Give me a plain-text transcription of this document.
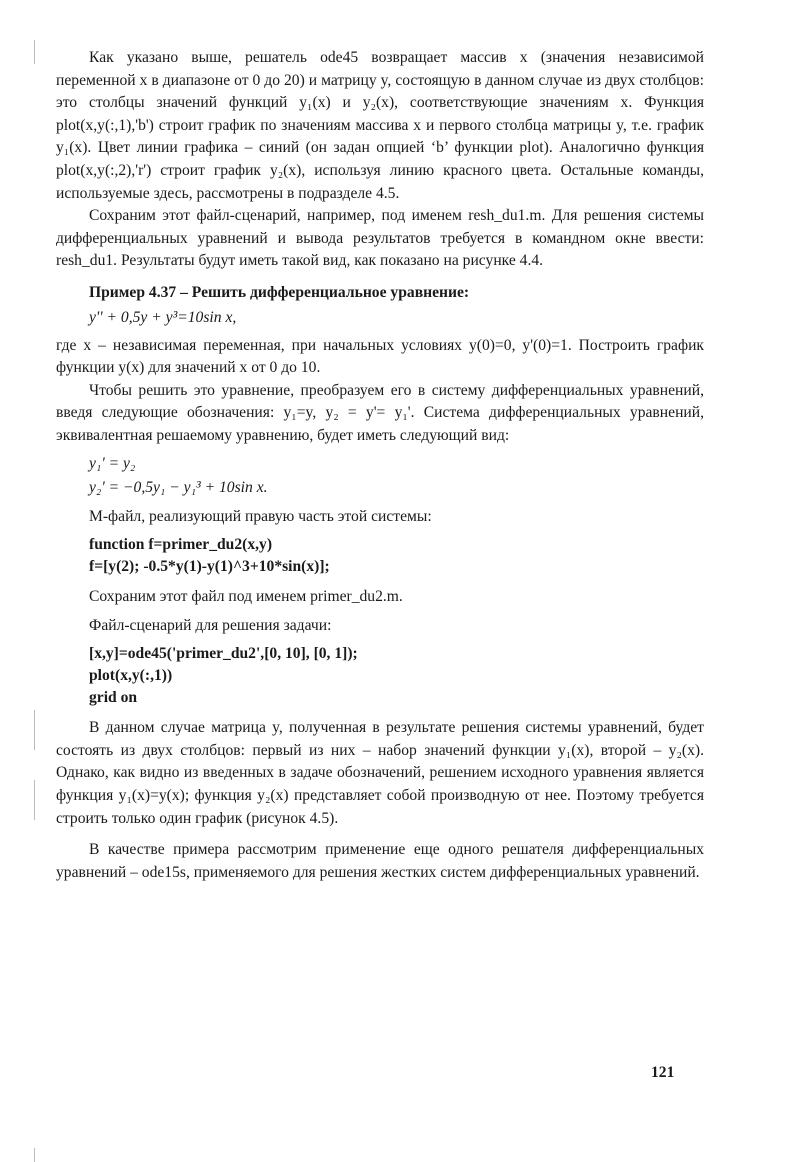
Как указано выше, решатель ode45 возвращает массив x (значения независимой переменной x в диапазоне от 0 до 20) и матрицу y, состоящую в данном случае из двух столбцов: это столбцы значений функций y₁(x) и y₂(x), соответствующие значениям x. Функция plot(x,y(:,1),'b') строит график по значениям массива x и первого столбца матрицы y, т.е. график y₁(x). Цвет линии графика – синий (он задан опцией ‘b’ функции plot). Аналогично функция plot(x,y(:,2),'r') строит график y₂(x), используя линию красного цвета. Остальные команды, используемые здесь, рассмотрены в подразделе 4.5.

Сохраним этот файл-сценарий, например, под именем resh_du1.m. Для решения системы дифференциальных уравнений и вывода результатов требуется в командном окне ввести: resh_du1. Результаты будут иметь такой вид, как показано на рисунке 4.4.

Пример 4.37 – Решить дифференциальное уравнение:

y'' + 0,5y + y³=10sin x,

где x – независимая переменная, при начальных условиях y(0)=0, y'(0)=1. Построить график функции y(x) для значений x от 0 до 10.

Чтобы решить это уравнение, преобразуем его в систему дифференциальных уравнений, введя следующие обозначения: y₁=y, y₂ = y'= y₁'. Система дифференциальных уравнений, эквивалентная решаемому уравнению, будет иметь следующий вид:

y₁' = y₂
y₂' = −0,5y₁ − y₁³ + 10sin x.

М-файл, реализующий правую часть этой системы:

function f=primer_du2(x,y)
f=[y(2); -0.5*y(1)-y(1)^3+10*sin(x)];

Сохраним этот файл под именем primer_du2.m.

Файл-сценарий для решения задачи:

[x,y]=ode45('primer_du2',[0, 10], [0, 1]);
plot(x,y(:,1))
grid on

В данном случае матрица y, полученная в результате решения системы уравнений, будет состоять из двух столбцов: первый из них – набор значений функции y₁(x), второй – y₂(x). Однако, как видно из введенных в задаче обозначений, решением исходного уравнения является функция y₁(x)=y(x); функция y₂(x) представляет собой производную от нее. Поэтому требуется строить только один график (рисунок 4.5).

В качестве примера рассмотрим применение еще одного решателя дифференциальных уравнений – ode15s, применяемого для решения жестких систем дифференциальных уравнений.

121
